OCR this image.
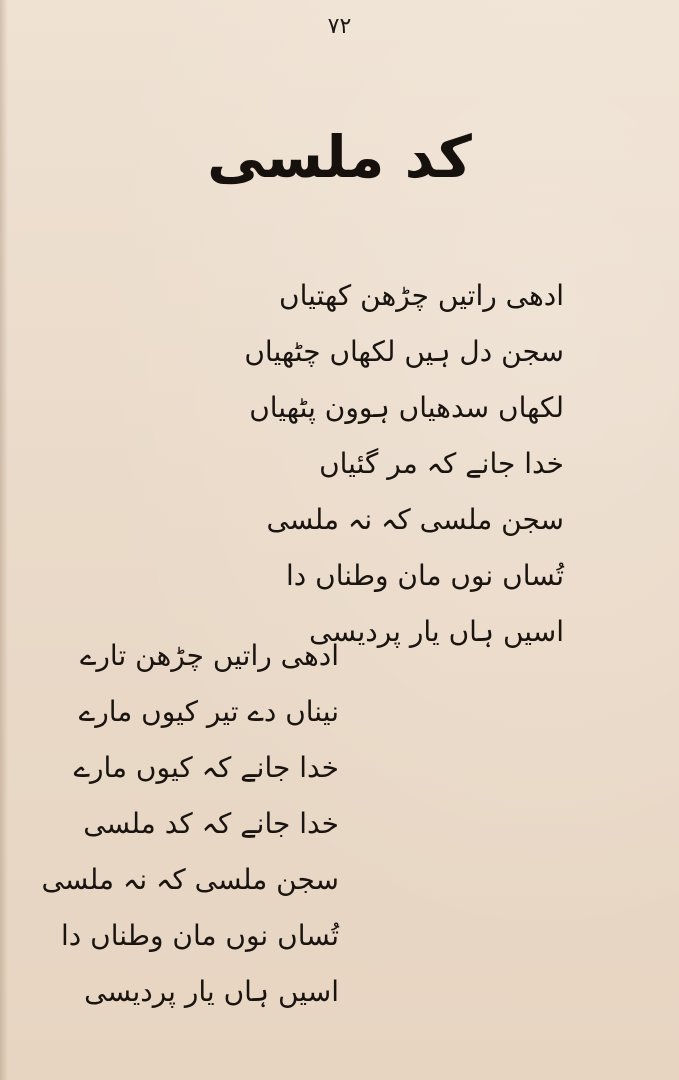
۷۲
کد ملسی
ادھی راتیں چڑھن کھتیاں
سجن دل ہیں لکھاں چٹھیاں
لکھاں سدھیاں ہوون پٹھیاں
خدا جانے کہ مر گئیاں
سجن ملسی کہ نہ ملسی
تُساں نوں مان وطناں دا
اسیں ہاں یار پردیسی
ادھی راتیں چڑھن تارے
نیناں دے تیر کیوں مارے
خدا جانے کہ کیوں مارے
خدا جانے کہ کد ملسی
سجن ملسی کہ نہ ملسی
تُساں نوں مان وطناں دا
اسیں ہاں یار پردیسی
